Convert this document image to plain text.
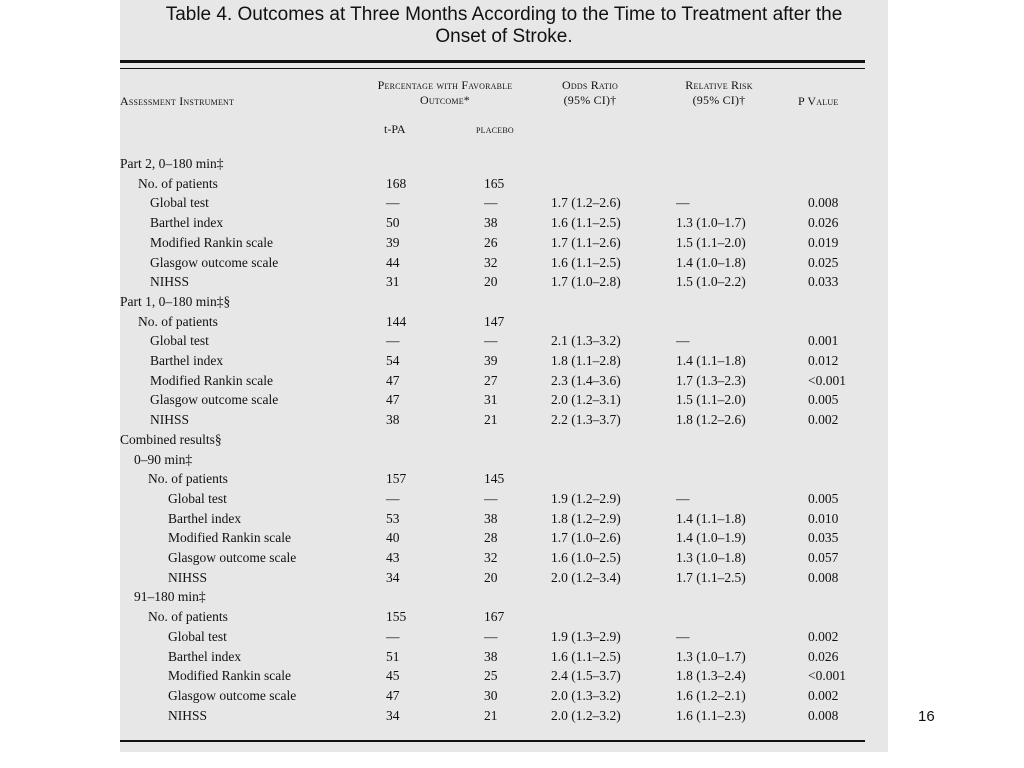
Table 4. Outcomes at Three Months According to the Time to Treatment after the
Onset of Stroke.
Assessment Instrument
Percentage with Favorable
Outcome*
Odds Ratio
(95% CI)†
Relative Risk
(95% CI)†	P Value
t-PA	placebo
Part 2, 0–180 min‡
No. of patients	168	165
Global test	—	—	1.7 (1.2–2.6)	—	0.008
Barthel index	50	38	1.6 (1.1–2.5)	1.3 (1.0–1.7)	0.026
Modified Rankin scale	39	26	1.7 (1.1–2.6)	1.5 (1.1–2.0)	0.019
Glasgow outcome scale	44	32	1.6 (1.1–2.5)	1.4 (1.0–1.8)	0.025
NIHSS	31	20	1.7 (1.0–2.8)	1.5 (1.0–2.2)	0.033
Part 1, 0–180 min‡§
No. of patients	144	147
Global test	—	—	2.1 (1.3–3.2)	—	0.001
Barthel index	54	39	1.8 (1.1–2.8)	1.4 (1.1–1.8)	0.012
Modified Rankin scale	47	27	2.3 (1.4–3.6)	1.7 (1.3–2.3)	<0.001
Glasgow outcome scale	47	31	2.0 (1.2–3.1)	1.5 (1.1–2.0)	0.005
NIHSS	38	21	2.2 (1.3–3.7)	1.8 (1.2–2.6)	0.002
Combined results§
0–90 min‡
No. of patients	157	145
Global test	—	—	1.9 (1.2–2.9)	—	0.005
Barthel index	53	38	1.8 (1.2–2.9)	1.4 (1.1–1.8)	0.010
Modified Rankin scale	40	28	1.7 (1.0–2.6)	1.4 (1.0–1.9)	0.035
Glasgow outcome scale	43	32	1.6 (1.0–2.5)	1.3 (1.0–1.8)	0.057
NIHSS	34	20	2.0 (1.2–3.4)	1.7 (1.1–2.5)	0.008
91–180 min‡
No. of patients	155	167
Global test	—	—	1.9 (1.3–2.9)	—	0.002
Barthel index	51	38	1.6 (1.1–2.5)	1.3 (1.0–1.7)	0.026
Modified Rankin scale	45	25	2.4 (1.5–3.7)	1.8 (1.3–2.4)	<0.001
Glasgow outcome scale	47	30	2.0 (1.3–3.2)	1.6 (1.2–2.1)	0.002
NIHSS	34	21	2.0 (1.2–3.2)	1.6 (1.1–2.3)	0.008	16
